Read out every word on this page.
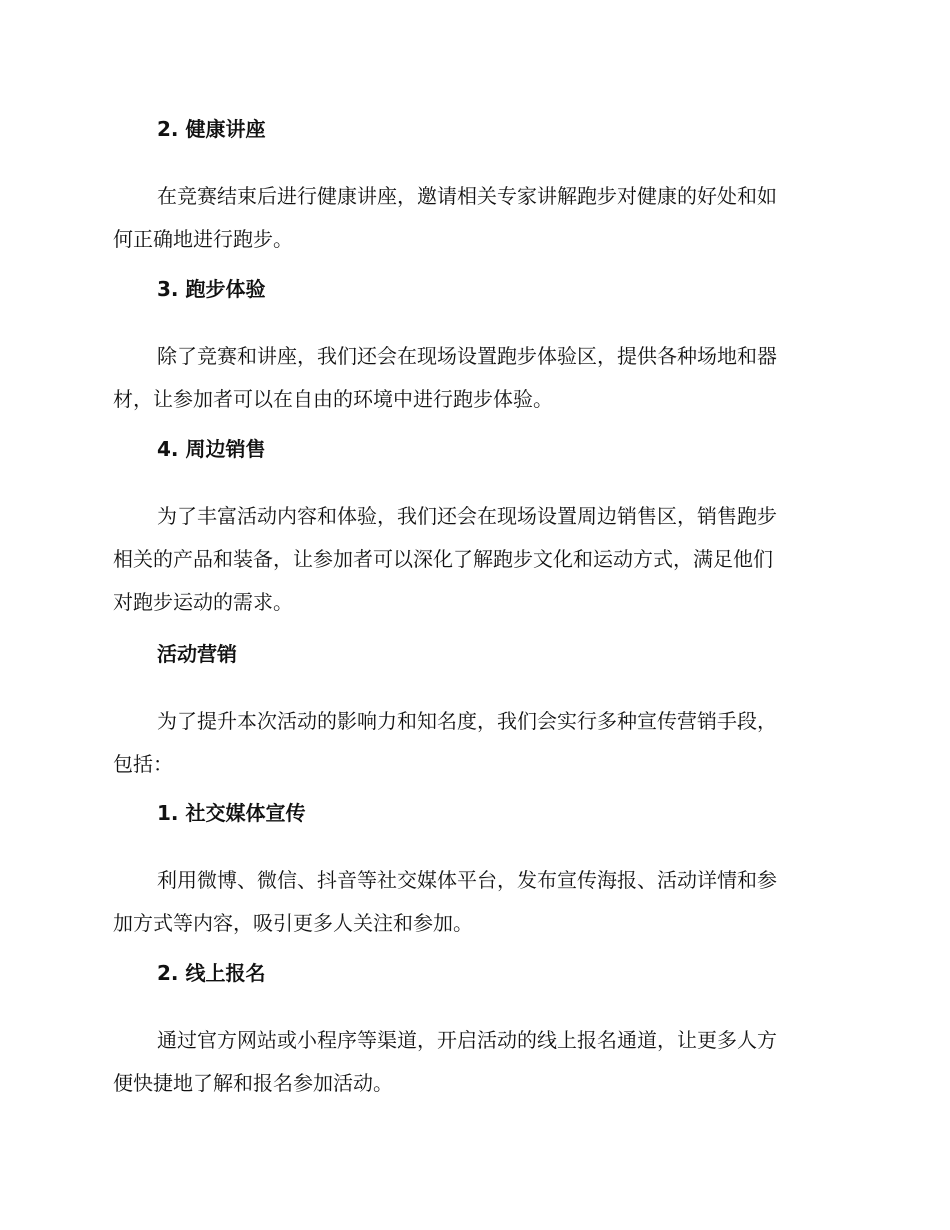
2. 健康讲座

在竞赛结束后进行健康讲座，邀请相关专家讲解跑步对健康的好处和如
何正确地进行跑步。

3. 跑步体验

除了竞赛和讲座，我们还会在现场设置跑步体验区，提供各种场地和器
材，让参加者可以在自由的环境中进行跑步体验。

4. 周边销售

为了丰富活动内容和体验，我们还会在现场设置周边销售区，销售跑步
相关的产品和装备，让参加者可以深化了解跑步文化和运动方式，满足他们
对跑步运动的需求。

活动营销

为了提升本次活动的影响力和知名度，我们会实行多种宣传营销手段，
包括：

1. 社交媒体宣传

利用微博、微信、抖音等社交媒体平台，发布宣传海报、活动详情和参
加方式等内容，吸引更多人关注和参加。

2. 线上报名

通过官方网站或小程序等渠道，开启活动的线上报名通道，让更多人方
便快捷地了解和报名参加活动。
